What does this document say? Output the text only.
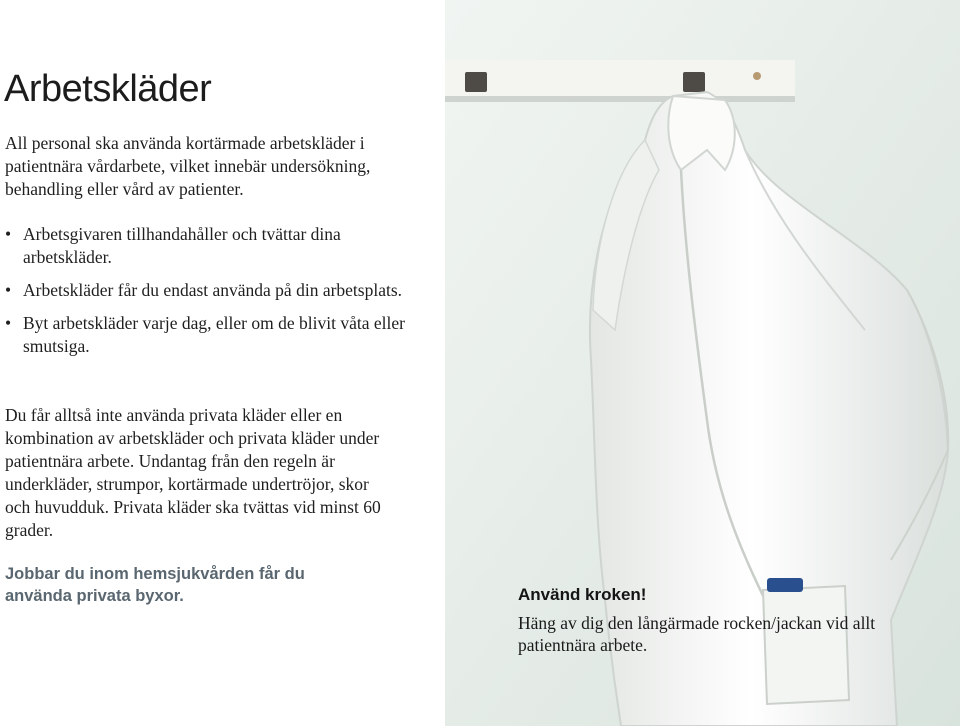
Arbetskläder

All personal ska använda kortärmade arbetskläder i patientnära vårdarbete, vilket innebär undersökning, behandling eller vård av patienter.

• Arbetsgivaren tillhandahåller och tvättar dina arbetskläder.
• Arbetskläder får du endast använda på din arbetsplats.
• Byt arbetskläder varje dag, eller om de blivit våta eller smutsiga.

Du får alltså inte använda privata kläder eller en kombination av arbetskläder och privata kläder under patientnära arbete. Undantag från den regeln är underkläder, strumpor, kortärmade undertröjor, skor och huvudduk. Privata kläder ska tvättas vid minst 60 grader.

Jobbar du inom hemsjukvården får du använda privata byxor.	Använd kroken!

Häng av dig den långärmade rocken/jackan vid allt patientnära arbete.
